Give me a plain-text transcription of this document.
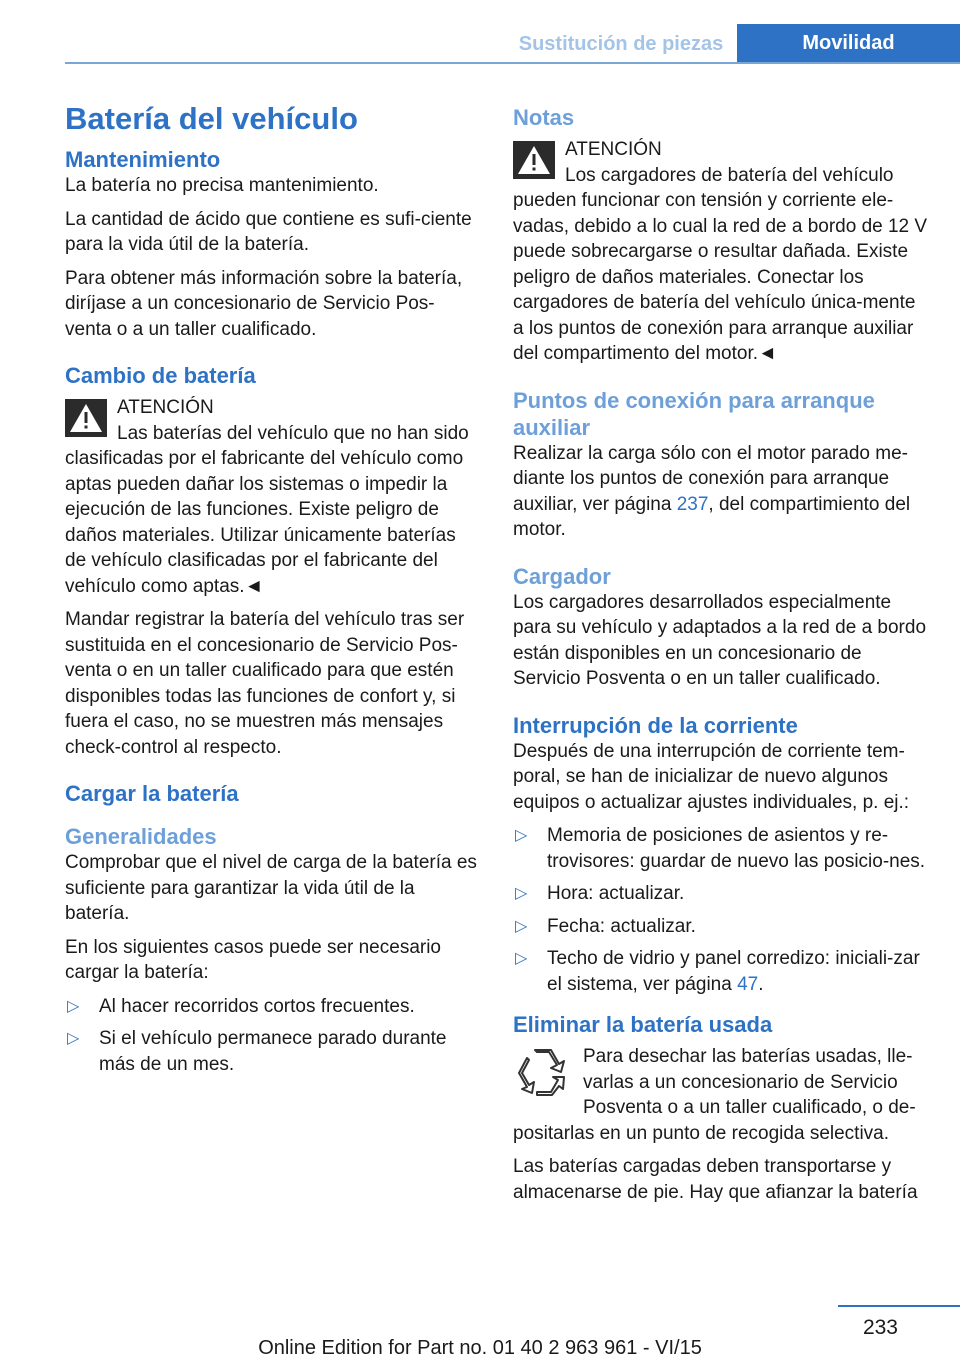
Sustitución de piezas	Movilidad
Batería del vehículo
Mantenimiento

La batería no precisa mantenimiento.

La cantidad de ácido que contiene es sufi‐ciente para la vida útil de la batería.

Para obtener más información sobre la batería, diríjase a un concesionario de Servicio Pos‐venta o a un taller cualificado.

Cambio de batería
ATENCIÓN
Las baterías del vehículo que no han sido clasificadas por el fabricante del vehículo como aptas pueden dañar los sistemas o impedir la ejecución de las funciones. Existe peligro de daños materiales. Utilizar únicamente baterías de vehículo clasificadas por el fabricante del vehículo como aptas.◄

Mandar registrar la batería del vehículo tras ser sustituida en el concesionario de Servicio Pos‐venta o en un taller cualificado para que estén disponibles todas las funciones de confort y, si fuera el caso, no se muestren más mensajes check-control al respecto.

Cargar la batería
Generalidades

Comprobar que el nivel de carga de la batería es suficiente para garantizar la vida útil de la batería.

En los siguientes casos puede ser necesario cargar la batería:

▷ Al hacer recorridos cortos frecuentes.
▷ Si el vehículo permanece parado durante más de un mes.
Notas
ATENCIÓN
Los cargadores de batería del vehículo pueden funcionar con tensión y corriente ele‐vadas, debido a lo cual la red de a bordo de 12 V puede sobrecargarse o resultar dañada. Existe peligro de daños materiales. Conectar los cargadores de batería del vehículo única‐mente a los puntos de conexión para arranque auxiliar del compartimento del motor.◄
Puntos de conexión para arranque auxiliar

Realizar la carga sólo con el motor parado me‐diante los puntos de conexión para arranque auxiliar, ver página 237, del compartimiento del motor.

Cargador

Los cargadores desarrollados especialmente para su vehículo y adaptados a la red de a bordo están disponibles en un concesionario de Servicio Posventa o en un taller cualificado.

Interrupción de la corriente

Después de una interrupción de corriente tem‐poral, se han de inicializar de nuevo algunos equipos o actualizar ajustes individuales, p. ej.:

▷ Memoria de posiciones de asientos y re‐trovisores: guardar de nuevo las posicio‐nes.
▷ Hora: actualizar.
▷ Fecha: actualizar.
▷ Techo de vidrio y panel corredizo: iniciali‐zar el sistema, ver página 47.
Eliminar la batería usada

Para desechar las baterías usadas, lle‐varlas a un concesionario de Servicio Posventa o a un taller cualificado, o de‐positarlas en un punto de recogida selectiva.

Las baterías cargadas deben transportarse y almacenarse de pie. Hay que afianzar la batería

233
Online Edition for Part no. 01 40 2 963 961 - VI/15
